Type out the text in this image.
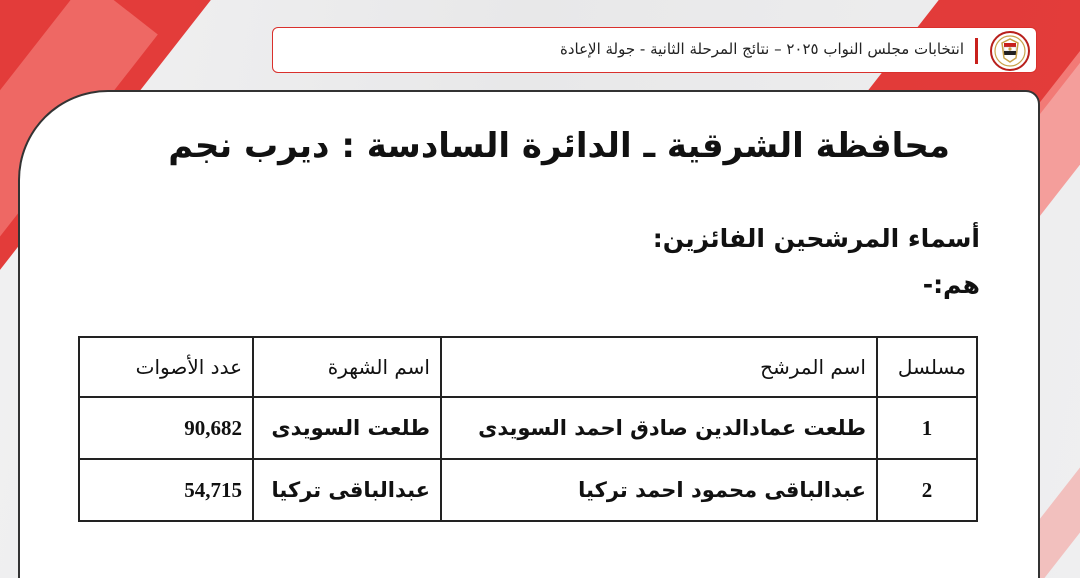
انتخابات مجلس النواب ٢٠٢٥ – نتائج المرحلة الثانية - جولة الإعادة
محافظة الشرقية ـ الدائرة السادسة : ديرب نجم
أسماء المرشحين الفائزين:
هم:-
مسلسل	اسم المرشح	اسم الشهرة	عدد الأصوات
1	طلعت عمادالدين صادق احمد السويدى	طلعت السويدى	90,682
2	عبدالباقى محمود احمد تركيا	عبدالباقى تركيا	54,715
